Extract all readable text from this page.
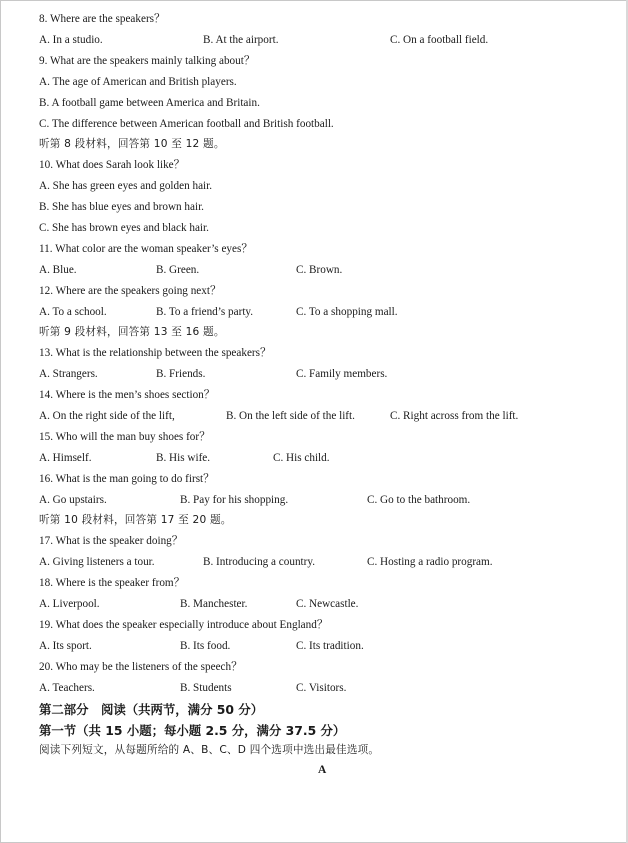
8. Where are the speakers？
A. In a studio.	B. At the airport.	C. On a football field.
9. What are the speakers mainly talking about？
A. The age of American and British players.
B. A football game between America and Britain.
C. The difference between American football and British football.
听第 8 段材料，回答第 10 至 12 题。
10. What does Sarah look like？
A. She has green eyes and golden hair.
B. She has blue eyes and brown hair.
C. She has brown eyes and black hair.
11. What color are the woman speaker’s eyes？
A. Blue.	B. Green.	C. Brown.
12. Where are the speakers going next？
A. To a school.	B. To a friend’s party.	C. To a shopping mall.
听第 9 段材料，回答第 13 至 16 题。
13. What is the relationship between the speakers？
A. Strangers.	B. Friends.	C. Family members.
14. Where is the men’s shoes section？
A. On the right side of the lift,	B. On the left side of the lift.	C. Right across from the lift.
15. Who will the man buy shoes for？
A. Himself.	B. His wife.	C. His child.
16. What is the man going to do first？
A. Go upstairs.	B. Pay for his shopping.	C. Go to the bathroom.
听第 10 段材料，回答第 17 至 20 题。
17. What is the speaker doing？
A. Giving listeners a tour.	B. Introducing a country.	C. Hosting a radio program.
18. Where is the speaker from？
A. Liverpool.	B. Manchester.	C. Newcastle.
19. What does the speaker especially introduce about England？
A. Its sport.	B. Its food.	C. Its tradition.
20. Who may be the listeners of the speech？
A. Teachers.	B. Students	C. Visitors.
第二部分　阅读（共两节，满分 50 分）
第一节（共 15 小题；每小题 2.5 分，满分 37.5 分）
阅读下列短文，从每题所给的 A、B、C、D 四个选项中选出最佳选项。
A
